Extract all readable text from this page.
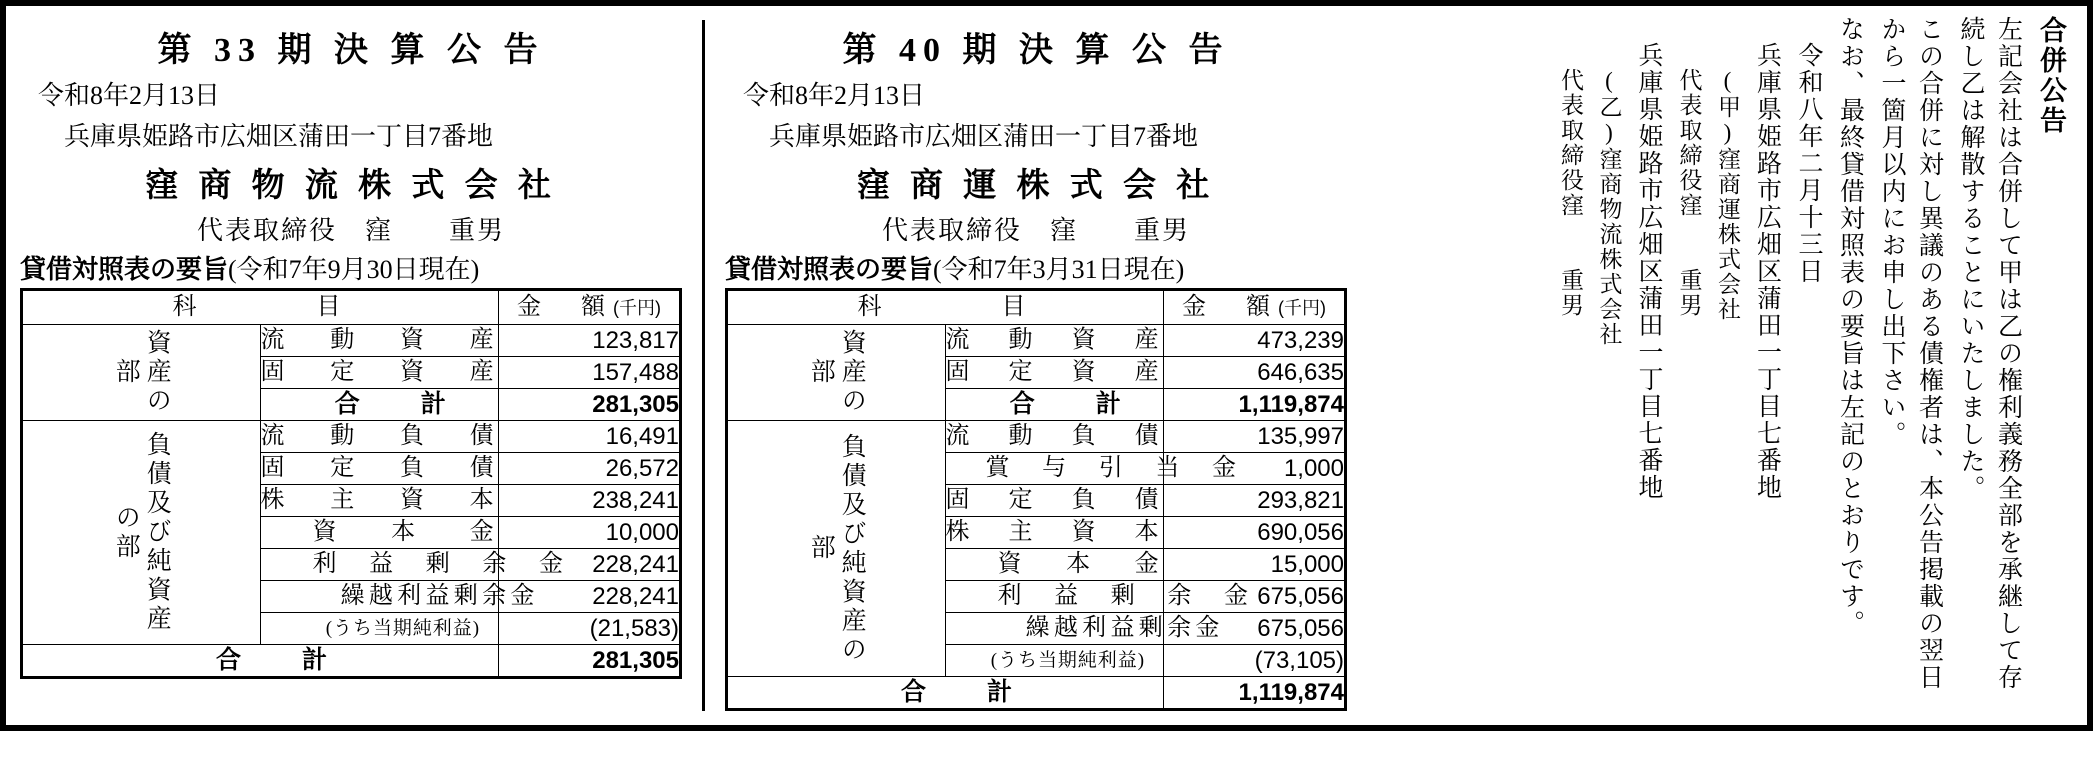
第 33 期 決 算 公 告
令和8年2月13日
兵庫県姫路市広畑区蒲田一丁目7番地
窪 商 物 流 株 式 会 社
代表取締役　窪　　重男
貸借対照表の要旨(令和7年9月30日現在)
科 目		金　額(千円)

資産の部	流　動　資　産	123,817
	固　定　資　産	157,488
	合　計	281,305

負債及び純資産の部	流　動　負　債	16,491
	固　定　負　債	26,572
	株　主　資　本	238,241
	資　本　金	10,000
	利　益　剰　余　金	228,241
	繰越利益剰余金	228,241
	(うち当期純利益)	(21,583)
合　計		281,305
第 40 期 決 算 公 告
令和8年2月13日
兵庫県姫路市広畑区蒲田一丁目7番地
窪 商 運 株 式 会 社
代表取締役　窪　　重男
貸借対照表の要旨(令和7年3月31日現在)
科 目		金　額(千円)

資産の部	流　動　資　産	473,239
	固　定　資　産	646,635
	合　計	1,119,874

負債及び純資産の部	流　動　負　債	135,997
	賞　与　引　当　金	1,000
	固　定　負　債	293,821
	株　主　資　本	690,056
	資　本　金	15,000
	利　益　剰　余　金	675,056
	繰越利益剰余金	675,056
	(うち当期純利益)	(73,105)
合　計		1,119,874
合併公告
左記会社は合併して甲は乙の権利義務全部を承継して存続し乙は解散することにいたしました。
この合併に対し異議のある債権者は、本公告掲載の翌日から一箇月以内にお申し出下さい。
なお、最終貸借対照表の要旨は左記のとおりです。
令和八年二月十三日
兵庫県姫路市広畑区蒲田一丁目七番地
(甲)窪商運株式会社
代表取締役窪　　重男
兵庫県姫路市広畑区蒲田一丁目七番地
(乙)窪商物流株式会社
代表取締役窪　　重男
